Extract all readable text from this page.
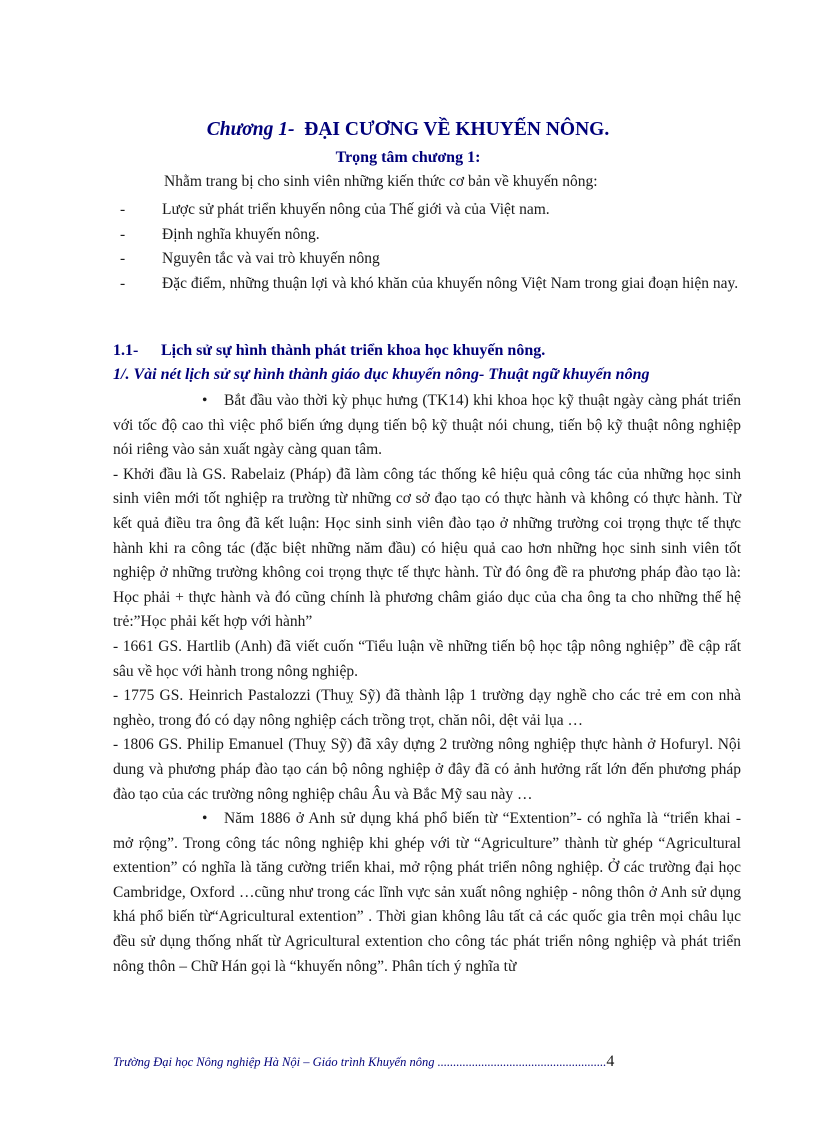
Chương 1- ĐẠI CƯƠNG VỀ KHUYẾN NÔNG.
Trọng tâm chương 1:
Nhằm trang bị cho sinh viên những kiến thức cơ bản về khuyến nông:
-	Lược sử phát triển khuyến nông của Thế giới và của Việt nam.
-	Định nghĩa khuyến nông.
-	Nguyên tắc và vai trò khuyến nông
-	Đặc điểm, những thuận lợi và khó khăn của khuyến nông Việt Nam trong giai đoạn hiện nay.
1.1- Lịch sử sự hình thành phát triển khoa học khuyến nông.
1/. Vài nét lịch sử sự hình thành giáo dục khuyến nông- Thuật ngữ khuyến nông

• Bắt đầu vào thời kỳ phục hưng (TK14) khi khoa học kỹ thuật ngày càng phát triển với tốc độ cao thì việc phổ biến ứng dụng tiến bộ kỹ thuật nói chung, tiến bộ kỹ thuật nông nghiệp nói riêng vào sản xuất ngày càng quan tâm.

- Khởi đầu là GS. Rabelaiz (Pháp) đã làm công tác thống kê hiệu quả công tác của những học sinh sinh viên mới tốt nghiệp ra trường từ những cơ sở đạo tạo có thực hành và không có thực hành. Từ kết quả điều tra ông đã kết luận: Học sinh sinh viên đào tạo ở những trường coi trọng thực tế thực hành khi ra công tác (đặc biệt những năm đầu) có hiệu quả cao hơn những học sinh sinh viên tốt nghiệp ở những trường không coi trọng thực tế thực hành. Từ đó ông đề ra phương pháp đào tạo là: Học phải + thực hành và đó cũng chính là phương châm giáo dục của cha ông ta cho những thế hệ trẻ:”Học phải kết hợp với hành”

- 1661 GS. Hartlib (Anh) đã viết cuốn “Tiểu luận về những tiến bộ học tập nông nghiệp” đề cập rất sâu về học với hành trong nông nghiệp.

- 1775 GS. Heinrich Pastalozzi (Thuỵ Sỹ) đã thành lập 1 trường dạy nghề cho các trẻ em con nhà nghèo, trong đó có dạy nông nghiệp cách trồng trọt, chăn nôi, dệt vải lụa …

- 1806 GS. Philip Emanuel (Thuỵ Sỹ) đã xây dựng 2 trường nông nghiệp thực hành ở Hofuryl. Nội dung và phương pháp đào tạo cán bộ nông nghiệp ở đây đã có ảnh hưởng rất lớn đến phương pháp đào tạo của các trường nông nghiệp châu Âu và Bắc Mỹ sau này …

• Năm 1886 ở Anh sử dụng khá phổ biến từ “Extention”- có nghĩa là “triển khai - mở rộng”. Trong công tác nông nghiệp khi ghép với từ “Agriculture” thành từ ghép “Agricultural extention” có nghĩa là tăng cường triển khai, mở rộng phát triển nông nghiệp. Ở các trường đại học Cambridge, Oxford …cũng như trong các lĩnh vực sản xuất nông nghiệp - nông thôn ở Anh sử dụng khá phổ biến từ“Agricultural extention” . Thời gian không lâu tất cả các quốc gia trên mọi châu lục đều sử dụng thống nhất từ Agricultural extention cho công tác phát triển nông nghiệp và phát triển nông thôn – Chữ Hán gọi là “khuyến nông”. Phân tích ý nghĩa từ

Trường Đại học Nông nghiệp Hà Nội – Giáo trình Khuyến nông ......................................................4
